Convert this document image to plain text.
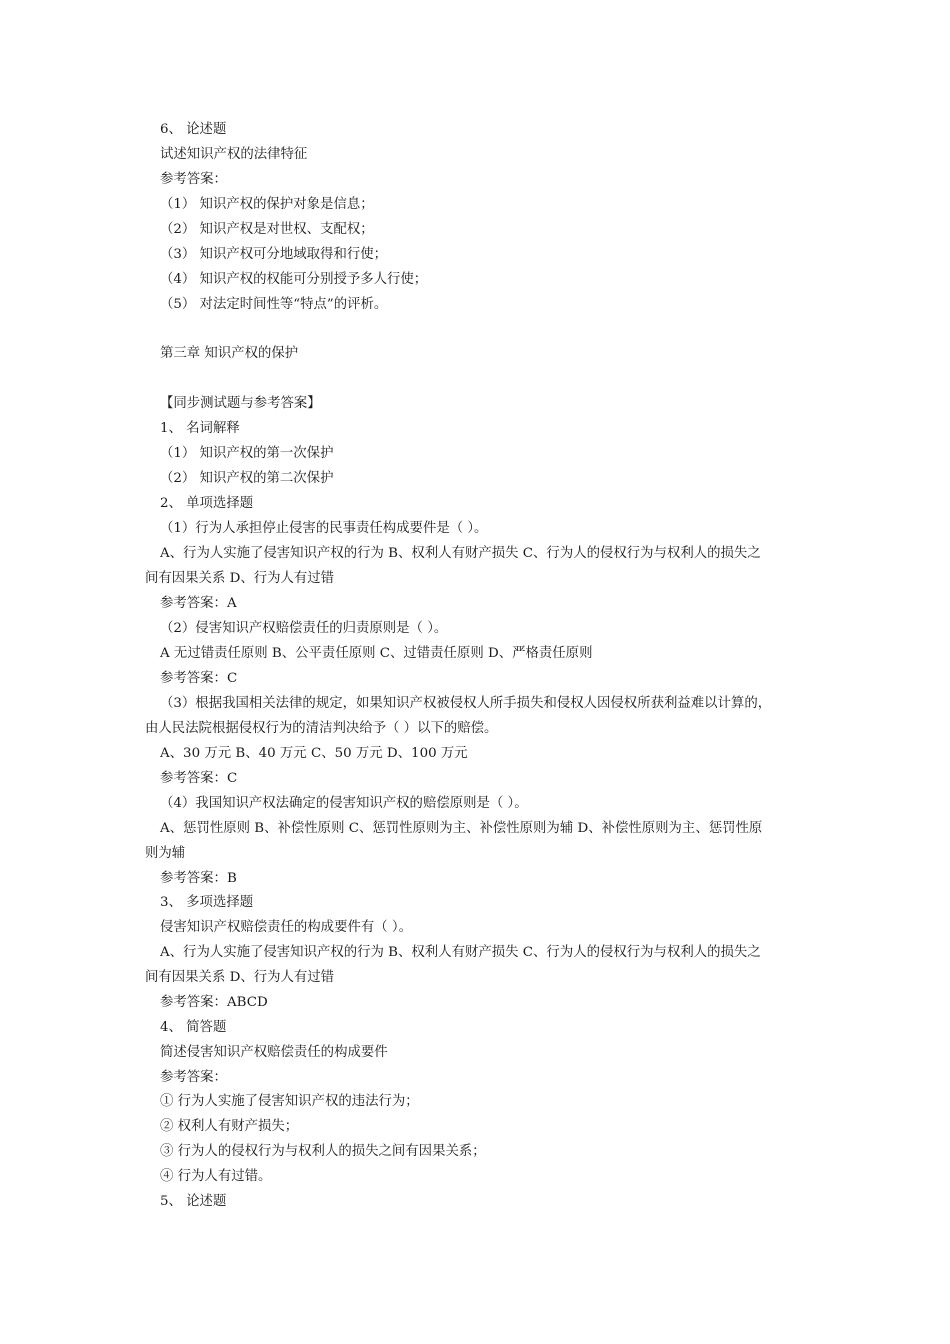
6、 论述题
试述知识产权的法律特征
参考答案：
（1） 知识产权的保护对象是信息；
（2） 知识产权是对世权、支配权；
（3） 知识产权可分地域取得和行使；
（4） 知识产权的权能可分别授予多人行使；
（5） 对法定时间性等“特点”的评析。
第三章 知识产权的保护
【同步测试题与参考答案】
1、 名词解释
（1） 知识产权的第一次保护
（2） 知识产权的第二次保护
2、 单项选择题
（1）行为人承担停止侵害的民事责任构成要件是（ ）。
A、行为人实施了侵害知识产权的行为 B、权利人有财产损失 C、行为人的侵权行为与权利人的损失之
间有因果关系 D、行为人有过错
参考答案：A
（2）侵害知识产权赔偿责任的归责原则是（ ）。
A 无过错责任原则 B、公平责任原则 C、过错责任原则 D、严格责任原则
参考答案：C
（3）根据我国相关法律的规定，如果知识产权被侵权人所手损失和侵权人因侵权所获利益难以计算的，
由人民法院根据侵权行为的清洁判决给予（ ）以下的赔偿。
A、30 万元 B、40 万元 C、50 万元 D、100 万元
参考答案：C
（4）我国知识产权法确定的侵害知识产权的赔偿原则是（ ）。
A、惩罚性原则 B、补偿性原则 C、惩罚性原则为主、补偿性原则为辅 D、补偿性原则为主、惩罚性原
则为辅
参考答案：B
3、 多项选择题
侵害知识产权赔偿责任的构成要件有（ ）。
A、行为人实施了侵害知识产权的行为 B、权利人有财产损失 C、行为人的侵权行为与权利人的损失之
间有因果关系 D、行为人有过错
参考答案：ABCD
4、 简答题
简述侵害知识产权赔偿责任的构成要件
参考答案：
① 行为人实施了侵害知识产权的违法行为；
② 权利人有财产损失；
③ 行为人的侵权行为与权利人的损失之间有因果关系；
④ 行为人有过错。
5、 论述题
